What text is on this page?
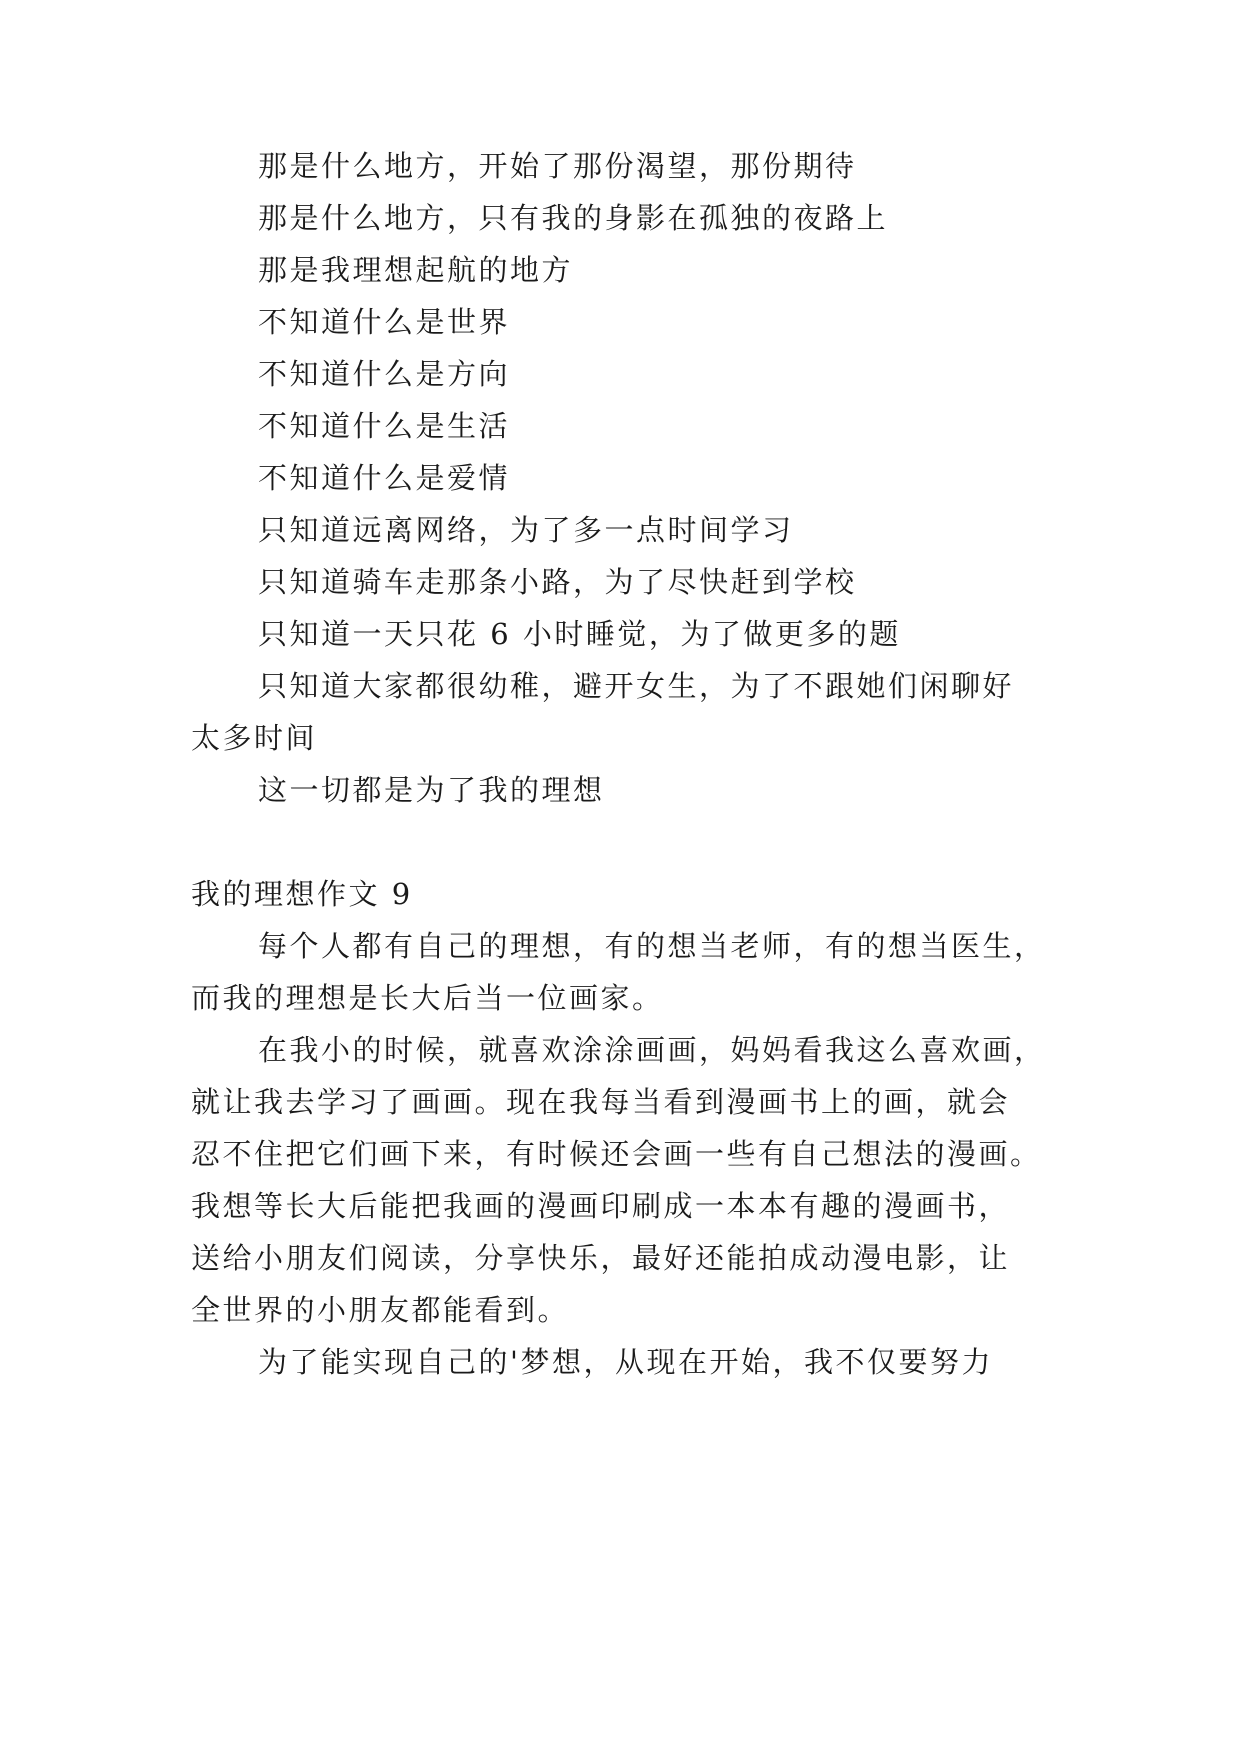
那是什么地方，开始了那份渴望，那份期待
那是什么地方，只有我的身影在孤独的夜路上
那是我理想起航的地方
不知道什么是世界
不知道什么是方向
不知道什么是生活
不知道什么是爱情
只知道远离网络，为了多一点时间学习
只知道骑车走那条小路，为了尽快赶到学校
只知道一天只花 6 小时睡觉，为了做更多的题
只知道大家都很幼稚，避开女生，为了不跟她们闲聊好
太多时间
这一切都是为了我的理想
我的理想作文 9
每个人都有自己的理想，有的想当老师，有的想当医生，
而我的理想是长大后当一位画家。
在我小的时候，就喜欢涂涂画画，妈妈看我这么喜欢画，
就让我去学习了画画。现在我每当看到漫画书上的画，就会
忍不住把它们画下来，有时候还会画一些有自己想法的漫画。
我想等长大后能把我画的漫画印刷成一本本有趣的漫画书，
送给小朋友们阅读，分享快乐，最好还能拍成动漫电影，让
全世界的小朋友都能看到。
为了能实现自己的'梦想，从现在开始，我不仅要努力
